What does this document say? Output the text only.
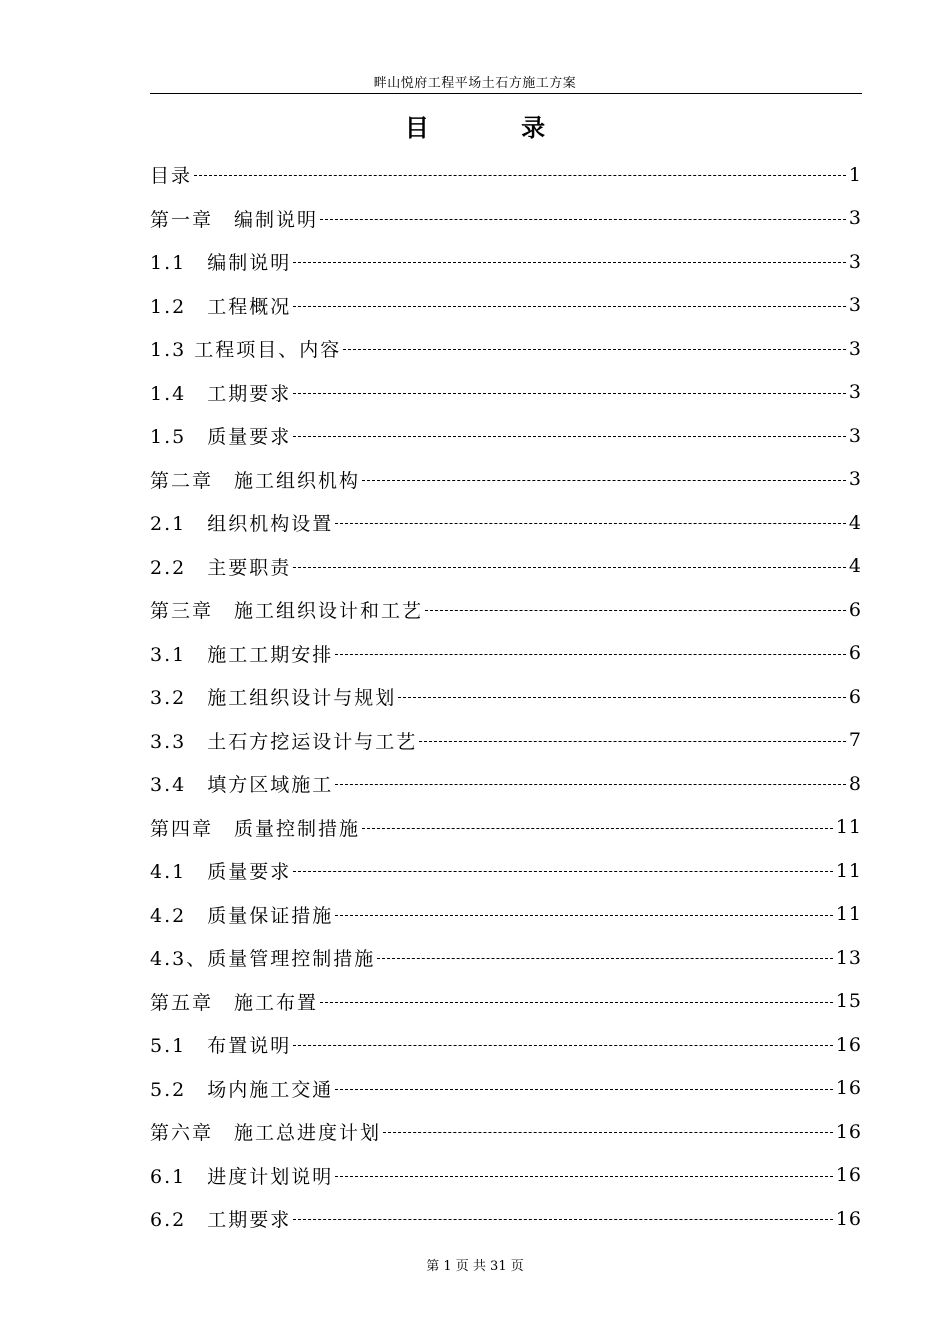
畔山悦府工程平场土石方施工方案
目 录
目录	1
第一章　编制说明	3
1.1　编制说明	3
1.2　工程概况	3
1.3 工程项目、内容	3
1.4　工期要求	3
1.5　质量要求	3
第二章　施工组织机构	3
2.1　组织机构设置	4
2.2　主要职责	4
第三章　施工组织设计和工艺	6
3.1　施工工期安排	6
3.2　施工组织设计与规划	6
3.3　土石方挖运设计与工艺	7
3.4　填方区域施工	8
第四章　质量控制措施	11
4.1　质量要求	11
4.2　质量保证措施	11
4.3、质量管理控制措施	13
第五章　施工布置	15
5.1　布置说明	16
5.2　场内施工交通	16
第六章　施工总进度计划	16
6.1　进度计划说明	16
6.2　工期要求	16
第 1 页 共 31 页
